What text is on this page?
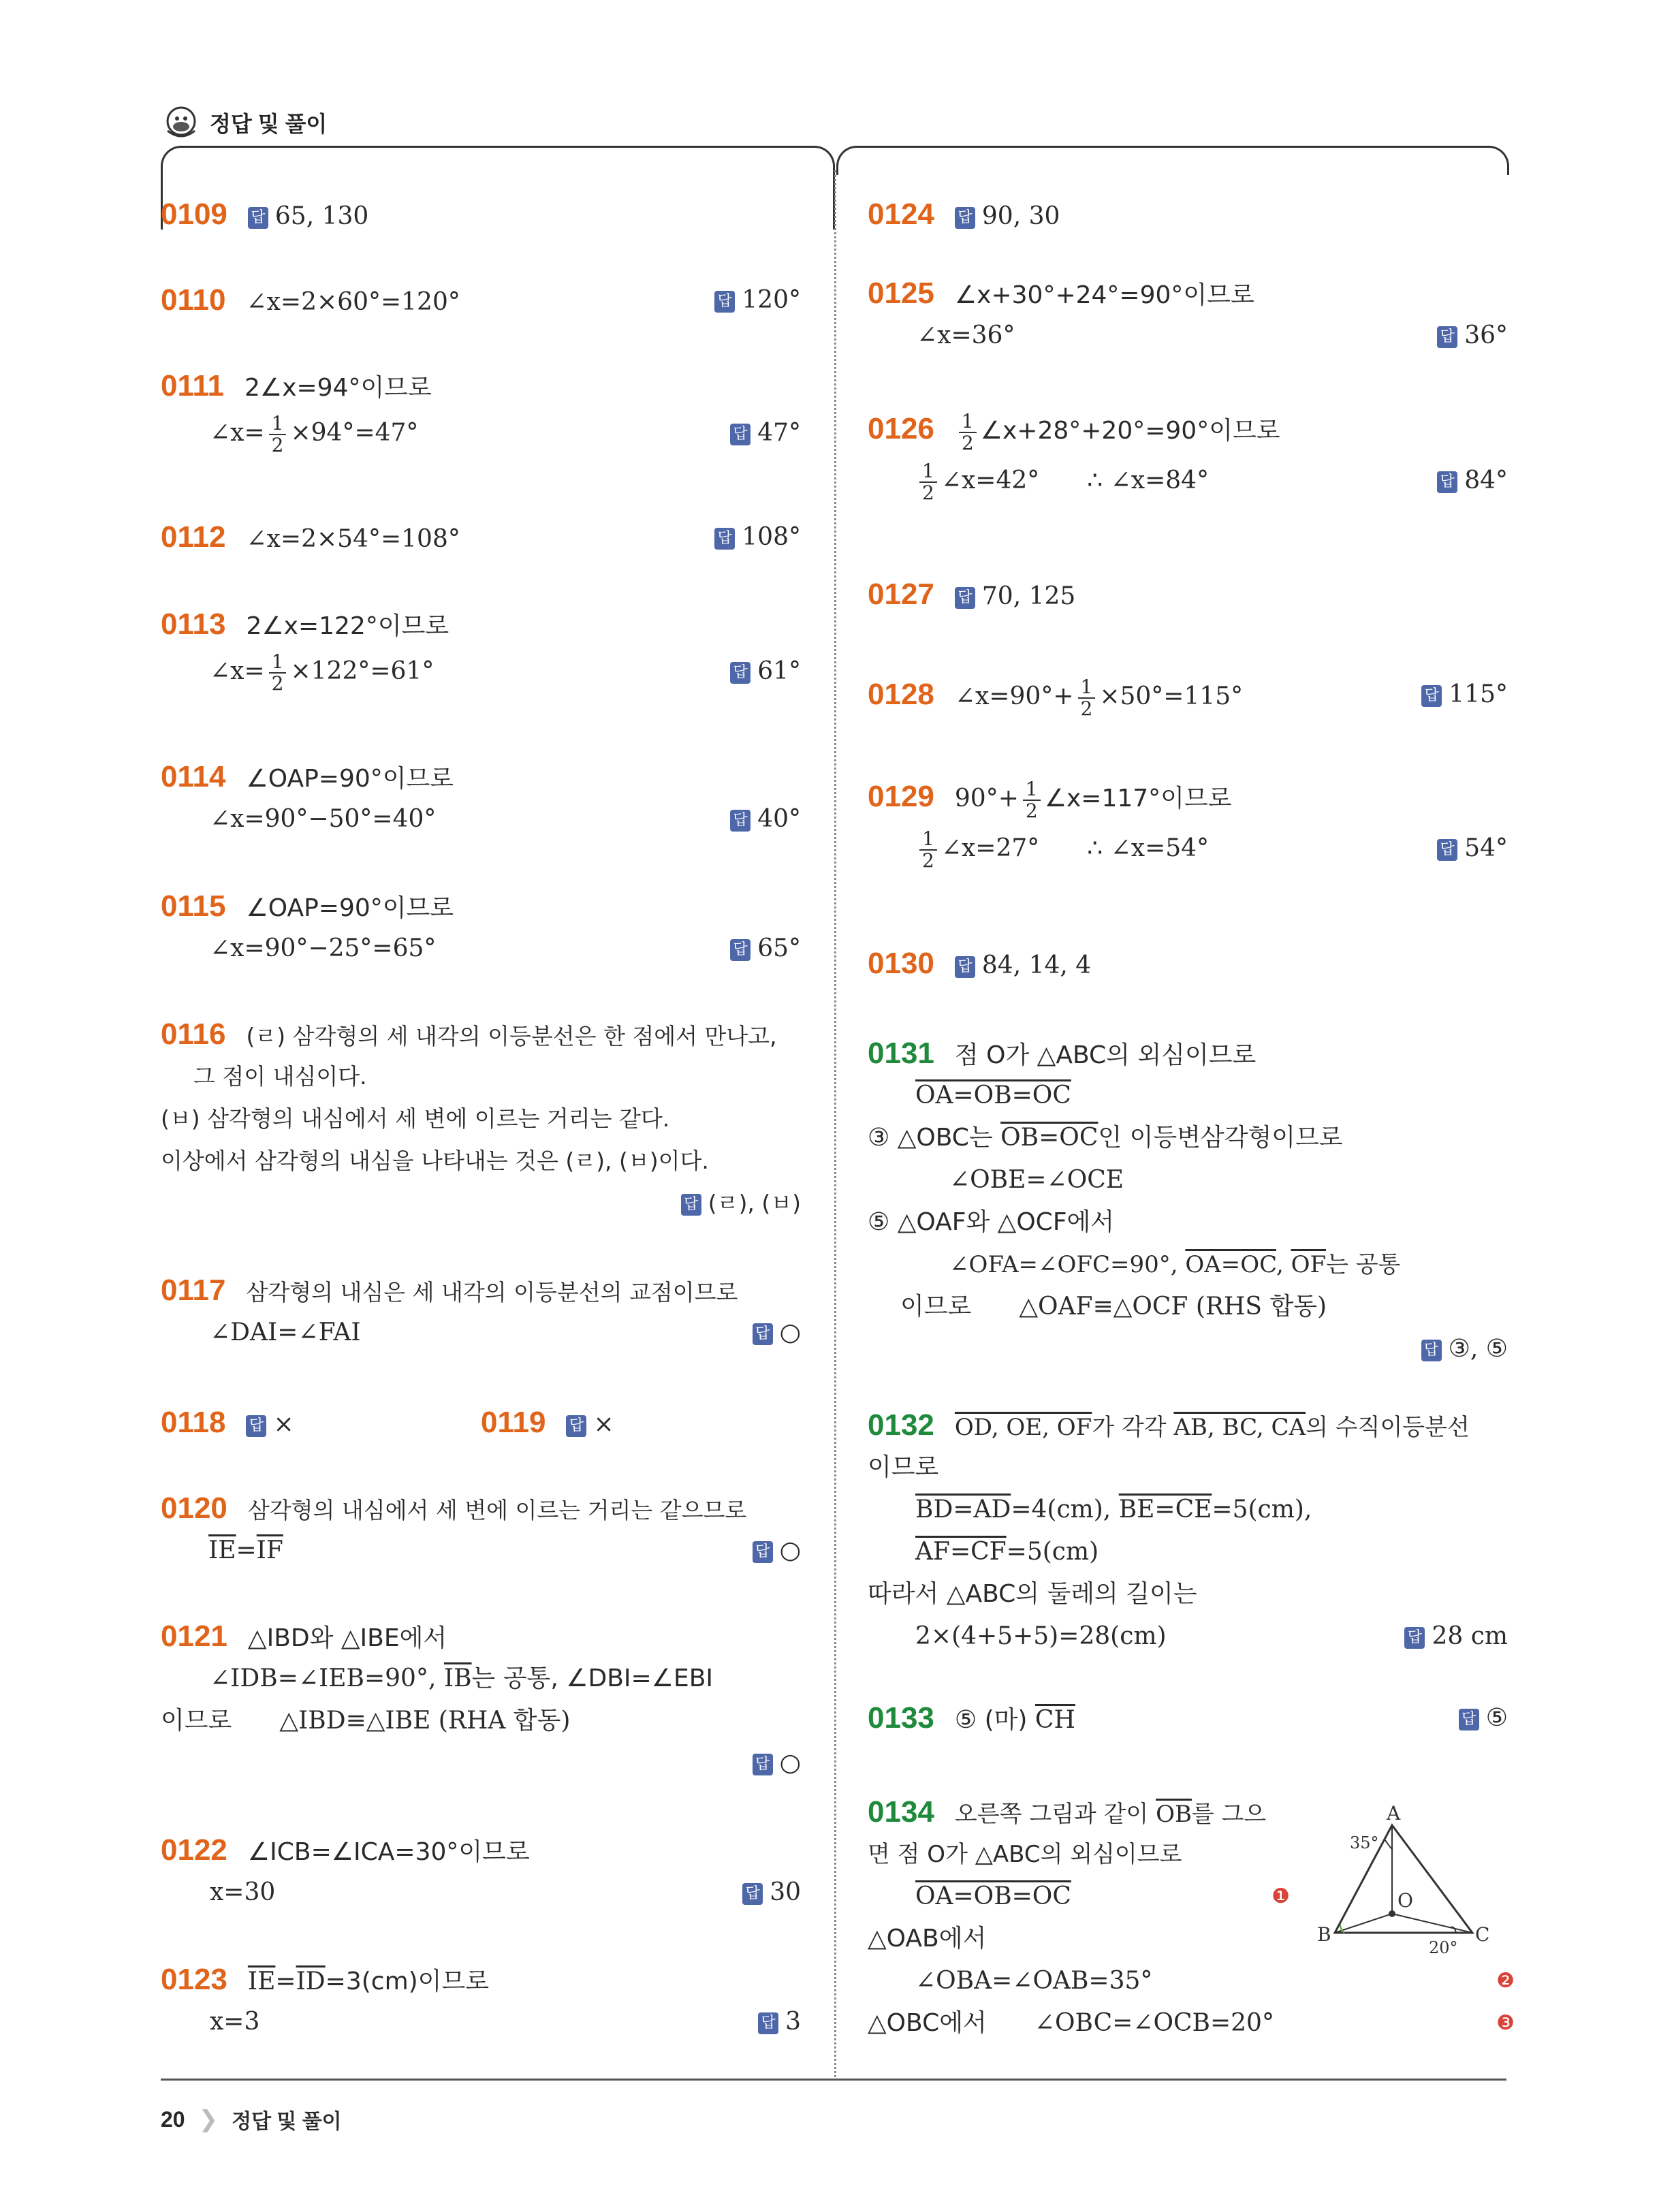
정답 및 풀이
0109 답 65, 130
0110 ∠x=2×60°=120°	답 120°
0111 2∠x=94°이므로
∠x= $\frac{1}{2} \times 94^\circ=47^\circ$	답 47°
0112 ∠x=2×54°=108°	답 108°
0113 2∠x=122°이므로
∠x= $\frac{1}{2} \times 122^\circ=61^\circ$	답 61°
0114 ∠OAP=90°이므로
∠x=90°−50°=40°	답 40°
0115 ∠OAP=90°이므로
∠x=90°−25°=65°	답 65°
0116 (ㄹ) 삼각형의 세 내각의 이등분선은 한 점에서 만나고,
그 점이 내심이다.
(ㅂ) 삼각형의 내심에서 세 변에 이르는 거리는 같다.
이상에서 삼각형의 내심을 나타내는 것은 (ㄹ), (ㅂ)이다.
답 (ㄹ), (ㅂ)
0117 삼각형의 내심은 세 내각의 이등분선의 교점이므로
∠DAI=∠FAI	답 ○
0118 답 ×	0119 답 ×
0120 삼각형의 내심에서 세 변에 이르는 거리는 같으므로
$\overline{IE}=\overline{IF}$	답 ○
0121 △IBD와 △IBE에서
∠IDB=∠IEB=90°, $\overline{IB}$는 공통, ∠DBI=∠EBI
이므로 △IBD≡△IBE (RHA 합동)
답 ○
0122 ∠ICB=∠ICA=30°이므로
x=30	답 30
0123 $\overline{IE}=\overline{ID}=3(cm)$이므로
x=3	답 3
0124 답 90, 30
0125 ∠x+30°+24°=90°이므로
∠x=36°	답 36°
$0126 \frac{1}{2}$ ∠x+28°+20°=90°이므로
$\frac{1}{2}$ ∠x=42° ∴ ∠x=84°	답 84°
0127 답 70, 125
0128 ∠x=90°+ $\frac{1}{2} \times 50^\circ=115^\circ$	답 115°
0129 $90^\circ+ \frac{1}{2}$ ∠x=117°이므로
$\frac{1}{2}$ ∠x=27° ∴ ∠x=54°	답 54°
0130 답 84, 14, 4
0131 점 O가 △ABC의 외심이므로
OA=OB=OC
③ △OBC는 OB=OC인 이등변삼각형이므로
∠OBE=∠OCE
⑤ △OAF와 △OCF에서
∠OFA=∠OFC=90°, OA=OC, $\overline{OF}$는 공통
이므로 △OAF≡△OCF (RHS 합동)
답 ③, ⑤
0132 OD, OE, OF가 각각 AB, BC, CA의 수직이등분선
이므로
BD=AD=4(cm), BE=CE=5(cm),
AF=CF=5(cm)
따라서 △ABC의 둘레의 길이는
2×(4+5+5)=28(cm)	답 28 cm
0133 ⑤ (마) $\overline{CH}$	답 ⑤
0134 오른쪽 그림과 같이 $\overline{OB}$를 그으
면 점 O가 △ABC의 외심이므로
OA=OB=OC	❶
△OAB에서
∠OBA=∠OAB=35°	❷
△OBC에서 ∠OBC=∠OCB=20°	❸
A
B	C
O
35°
20°
20 ❯ 정답 및 풀이
